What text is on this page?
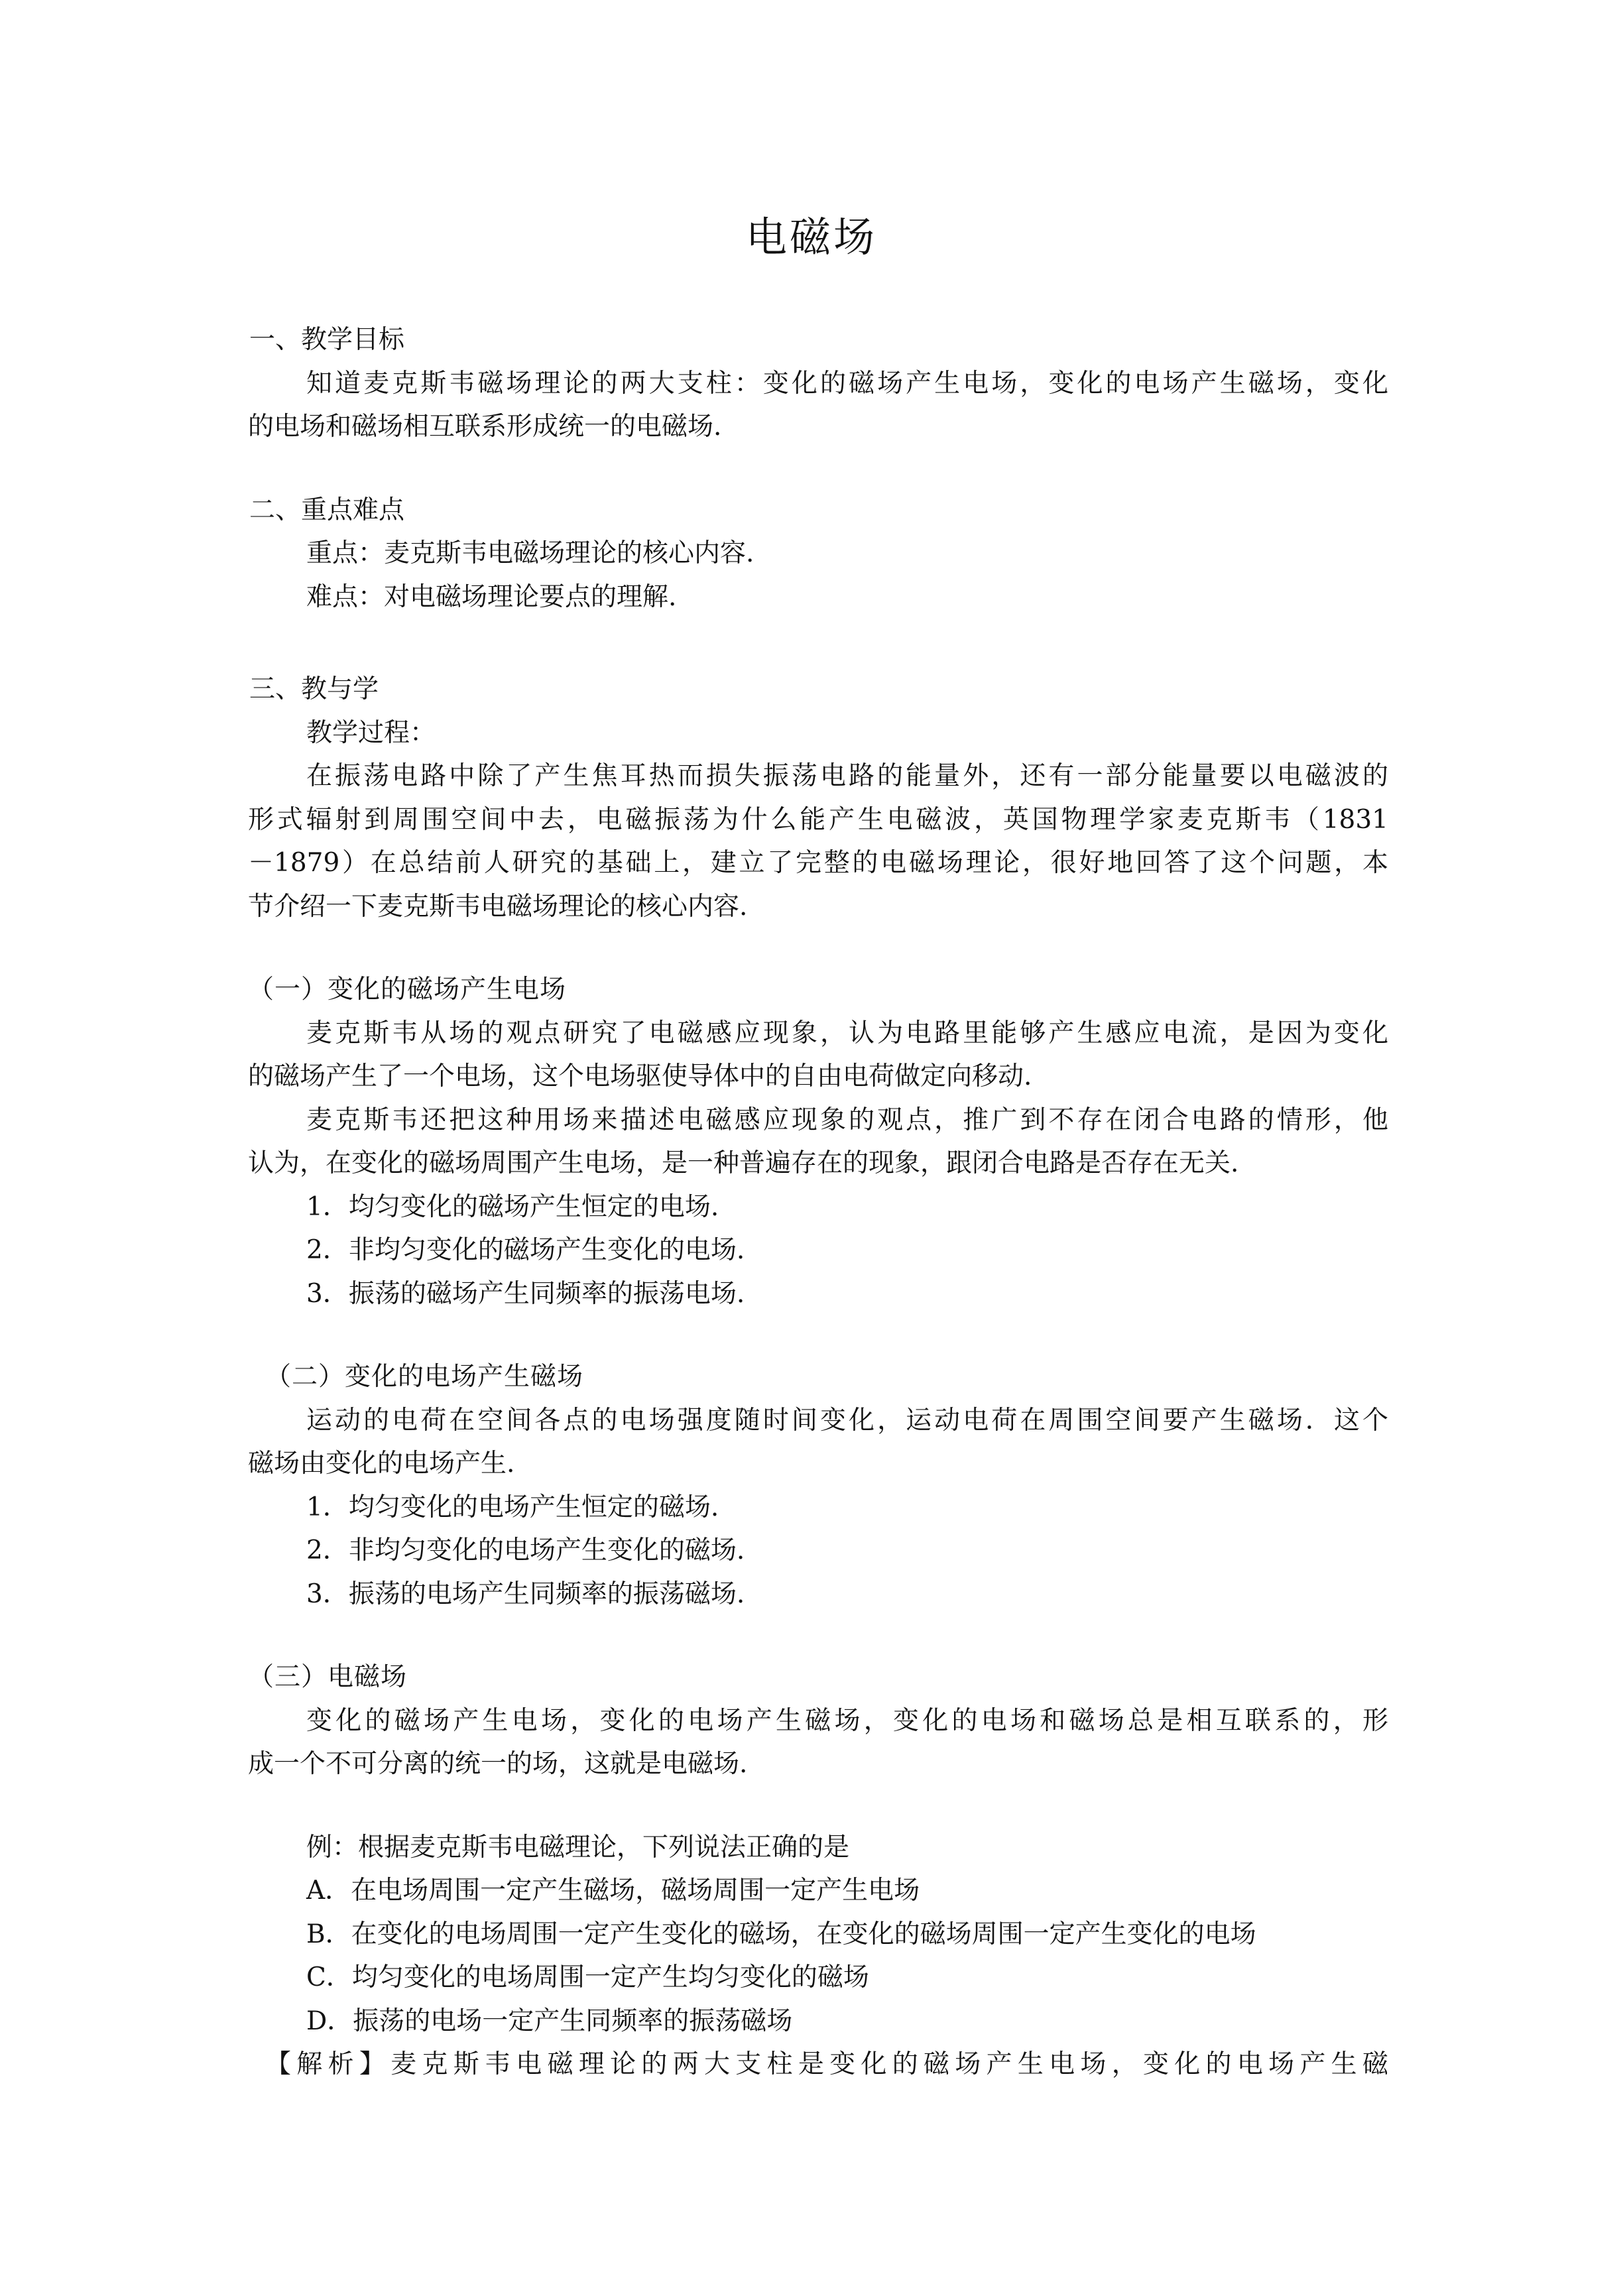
电磁场
一、教学目标
知道麦克斯韦磁场理论的两大支柱：变化的磁场产生电场，变化的电场产生磁场，变化
的电场和磁场相互联系形成统一的电磁场.
二、重点难点
重点：麦克斯韦电磁场理论的核心内容.
难点：对电磁场理论要点的理解.
三、教与学
教学过程：
在振荡电路中除了产生焦耳热而损失振荡电路的能量外，还有一部分能量要以电磁波的
形式辐射到周围空间中去，电磁振荡为什么能产生电磁波，英国物理学家麦克斯韦（1831
－1879）在总结前人研究的基础上，建立了完整的电磁场理论，很好地回答了这个问题，本
节介绍一下麦克斯韦电磁场理论的核心内容.
（一）变化的磁场产生电场
麦克斯韦从场的观点研究了电磁感应现象，认为电路里能够产生感应电流，是因为变化
的磁场产生了一个电场，这个电场驱使导体中的自由电荷做定向移动.
麦克斯韦还把这种用场来描述电磁感应现象的观点，推广到不存在闭合电路的情形，他
认为，在变化的磁场周围产生电场，是一种普遍存在的现象，跟闭合电路是否存在无关.
1．均匀变化的磁场产生恒定的电场.
2．非均匀变化的磁场产生变化的电场.
3．振荡的磁场产生同频率的振荡电场.
（二）变化的电场产生磁场
运动的电荷在空间各点的电场强度随时间变化，运动电荷在周围空间要产生磁场．这个
磁场由变化的电场产生.
1．均匀变化的电场产生恒定的磁场.
2．非均匀变化的电场产生变化的磁场.
3．振荡的电场产生同频率的振荡磁场.
（三）电磁场
变化的磁场产生电场，变化的电场产生磁场，变化的电场和磁场总是相互联系的，形
成一个不可分离的统一的场，这就是电磁场.
例：根据麦克斯韦电磁理论，下列说法正确的是
A．在电场周围一定产生磁场，磁场周围一定产生电场
B．在变化的电场周围一定产生变化的磁场，在变化的磁场周围一定产生变化的电场
C．均匀变化的电场周围一定产生均匀变化的磁场
D．振荡的电场一定产生同频率的振荡磁场
【解析】麦克斯韦电磁理论的两大支柱是变化的磁场产生电场，变化的电场产生磁
